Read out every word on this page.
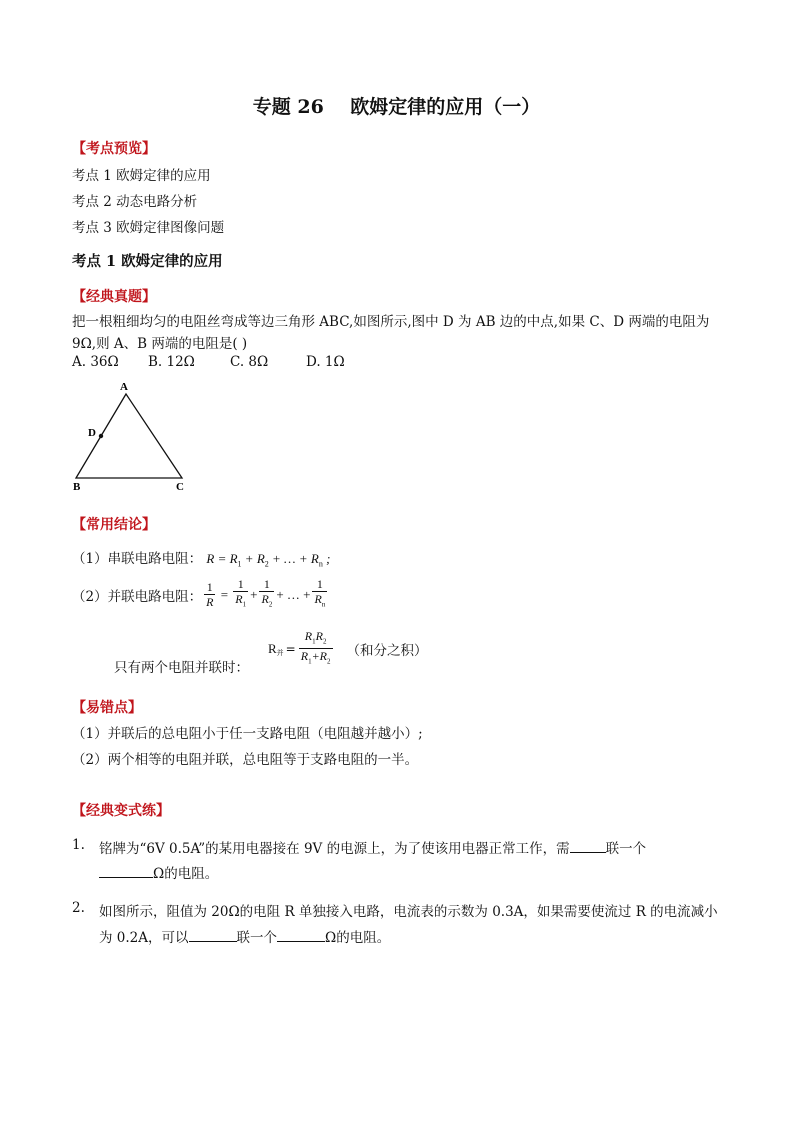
专题 26    欧姆定律的应用（一）
【考点预览】
考点 1 欧姆定律的应用
考点 2 动态电路分析
考点 3 欧姆定律图像问题
考点 1 欧姆定律的应用
【经典真题】
把一根粗细均匀的电阻丝弯成等边三角形 ABC,如图所示,图中 D 为 AB 边的中点,如果 C、D 两端的电阻为
9Ω,则 A、B 两端的电阻是( )
A. 36Ω B. 12Ω	C. 8Ω	D. 1Ω
A
D
B	C
【常用结论】
（1）串联电路电阻： $R = R_1 + R_2$ + … + $R_n$ ;
（2）并联电路电阻： $\frac{1}{R} = \frac{1}{R_1} + \frac{1}{R_2}$ + … + $\frac{1}{R_n}$
R 并 = $\frac{R_1R_2}{R_1+R_2}$ （和分之积）
只有两个电阻并联时：
【易错点】
（1）并联后的总电阻小于任一支路电阻（电阻越并越小）;
（2）两个相等的电阻并联，总电阻等于支路电阻的一半。
【经典变式练】
1. 铭牌为“6V 0.5A”的某用电器接在 9V 的电源上，为了使该用电器正常工作，需	联一个
Ω的电阻。
2. 如图所示，阻值为 20Ω的电阻 R 单独接入电路，电流表的示数为 0.3A，如果需要使流过 R 的电流减小
为 0.2A，可以	联一个	Ω的电阻。
